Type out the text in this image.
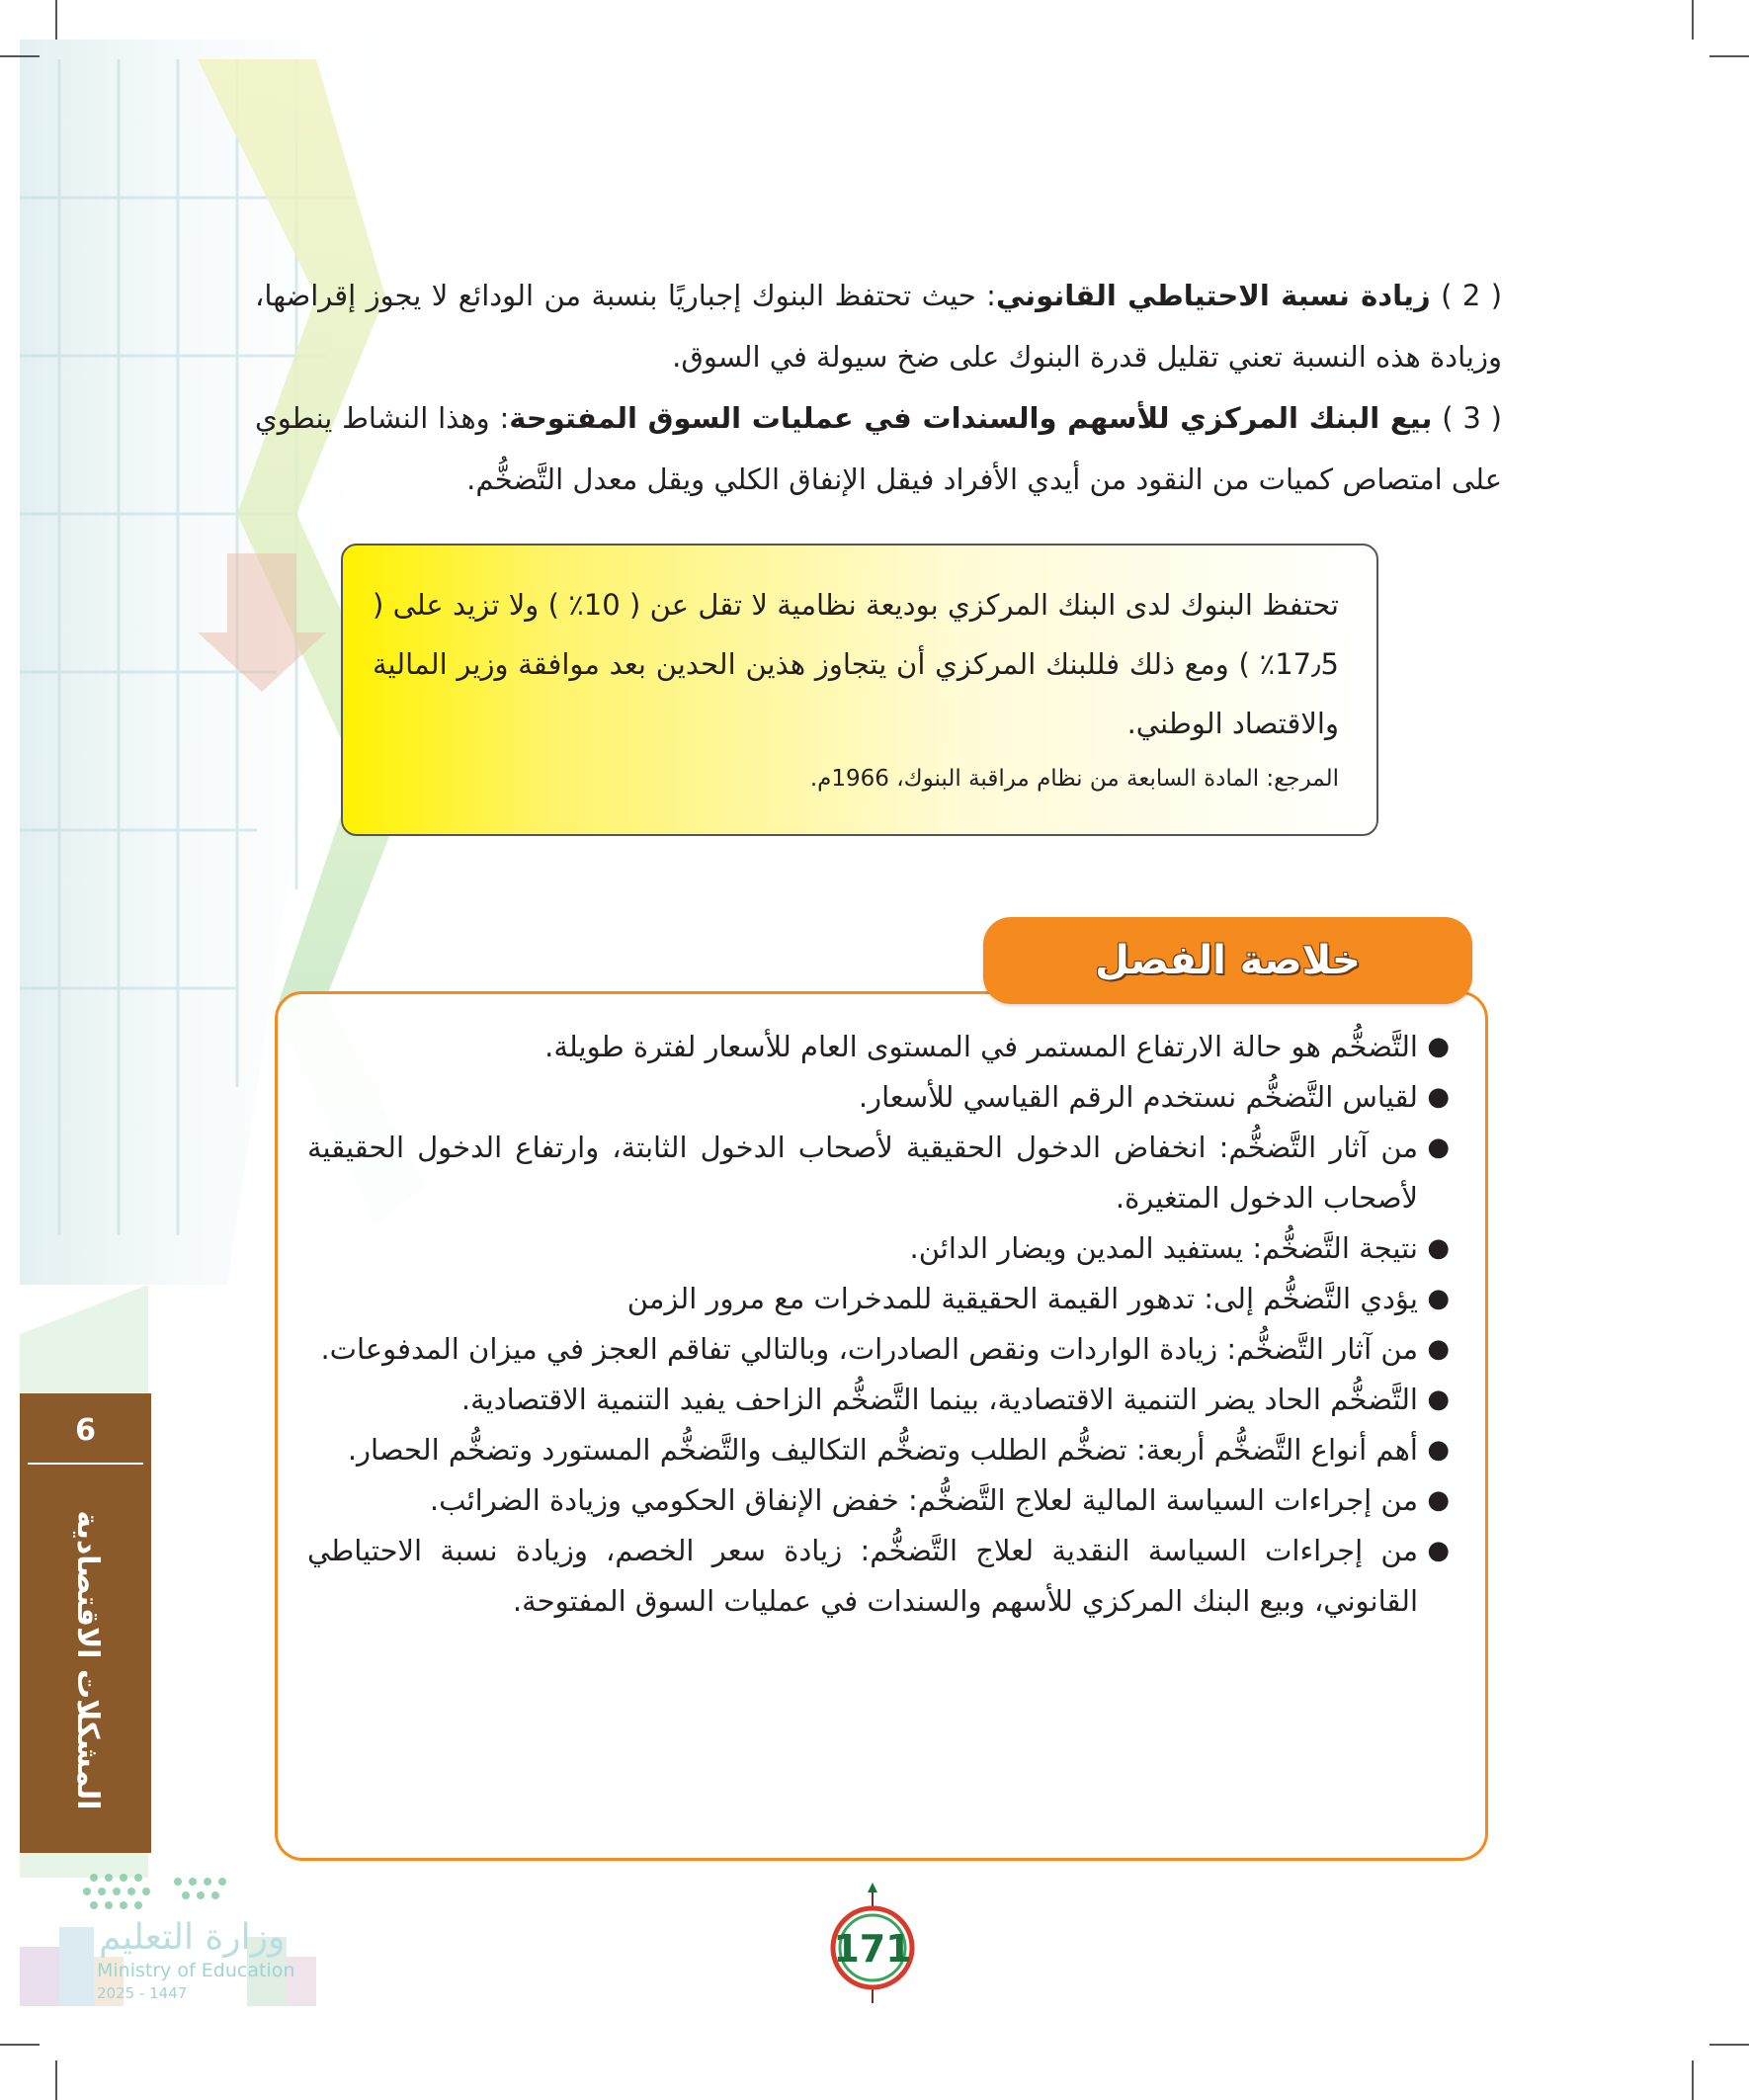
( 2 ) زيادة نسبة الاحتياطي القانوني: حيث تحتفظ البنوك إجباريًا بنسبة من الودائع لا يجوز إقراضها، وزيادة هذه النسبة تعني تقليل قدرة البنوك على ضخ سيولة في السوق.

( 3 ) بيع البنك المركزي للأسهم والسندات في عمليات السوق المفتوحة: وهذا النشاط ينطوي على امتصاص كميات من النقود من أيدي الأفراد فيقل الإنفاق الكلي ويقل معدل التَّضخُّم.

تحتفظ البنوك لدى البنك المركزي بوديعة نظامية لا تقل عن ( 10٪ ) ولا تزيد على ( 17٫5٪ ) ومع ذلك فللبنك المركزي أن يتجاوز هذين الحدين بعد موافقة وزير المالية والاقتصاد الوطني.
المرجع: المادة السابعة من نظام مراقبة البنوك، 1966م.
خلاصة الفصل
●
التَّضخُّم هو حالة الارتفاع المستمر في المستوى العام للأسعار لفترة طويلة.
●
لقياس التَّضخُّم نستخدم الرقم القياسي للأسعار.
●
من آثار التَّضخُّم: انخفاض الدخول الحقيقية لأصحاب الدخول الثابتة، وارتفاع الدخول الحقيقية لأصحاب الدخول المتغيرة.
●
نتيجة التَّضخُّم: يستفيد المدين ويضار الدائن.
●
يؤدي التَّضخُّم إلى: تدهور القيمة الحقيقية للمدخرات مع مرور الزمن
●
من آثار التَّضخُّم: زيادة الواردات ونقص الصادرات، وبالتالي تفاقم العجز في ميزان المدفوعات.
●
التَّضخُّم الحاد يضر التنمية الاقتصادية، بينما التَّضخُّم الزاحف يفيد التنمية الاقتصادية.
●
أهم أنواع التَّضخُّم أربعة: تضخُّم الطلب وتضخُّم التكاليف والتَّضخُّم المستورد وتضخُّم الحصار.
●
من إجراءات السياسة المالية لعلاج التَّضخُّم: خفض الإنفاق الحكومي وزيادة الضرائب.
●
من إجراءات السياسة النقدية لعلاج التَّضخُّم: زيادة سعر الخصم، وزيادة نسبة الاحتياطي القانوني، وبيع البنك المركزي للأسهم والسندات في عمليات السوق المفتوحة.
6
المشكلات الاقتصادية
وزارة التعليم
Ministry of Education
2025 - 1447
171
